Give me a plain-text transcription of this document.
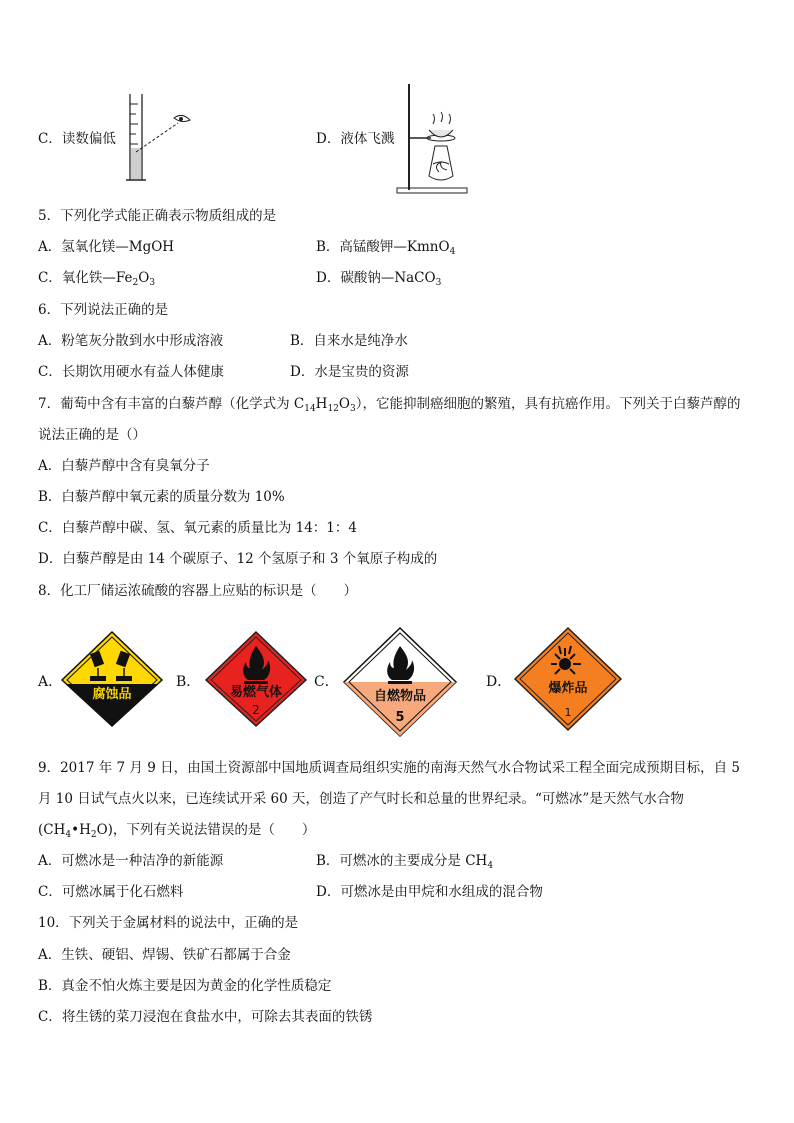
C．读数偏低	D．液体飞溅
5．下列化学式能正确表示物质组成的是
A．氢氧化镁—MgOH	B．高锰酸钾—KmnO$_4$
C．氧化铁$—Fe_2O_3$	D．碳酸钠—NaCO$_3$
6．下列说法正确的是
A．粉笔灰分散到水中形成溶液	B．自来水是纯净水
C．长期饮用硬水有益人体健康	D．水是宝贵的资源
7．葡萄中含有丰富的白藜芦醇（化学式为 $C_{14}H_{12}O_3$），它能抑制癌细胞的繁殖，具有抗癌作用。下列关于白藜芦醇的
说法正确的是（）
A．白藜芦醇中含有臭氧分子
B．白藜芦醇中氧元素的质量分数为 10%
C．白藜芦醇中碳、氢、氧元素的质量比为 14：1：4
D．白藜芦醇是由 14 个碳原子、12 个氢原子和 3 个氧原子构成的
8．化工厂储运浓硫酸的容器上应贴的标识是（　　）
A．
腐蚀品
B．
易燃气体
2
C．
自燃物品
5
D．	爆炸品
1
9．2017 年 7 月 9 日，由国土资源部中国地质调查局组织实施的南海天然气水合物试采工程全面完成预期目标，自 5
月 10 日试气点火以来，已连续试开采 60 天，创造了产气时长和总量的世界纪录。“可燃冰”是天然气水合物
$(CH_4•H_2O)$，下列有关说法错误的是（　　）
A．可燃冰是一种洁净的新能源	B．可燃冰的主要成分是 $CH_4$
C．可燃冰属于化石燃料	D．可燃冰是由甲烷和水组成的混合物
10．下列关于金属材料的说法中，正确的是
A．生铁、硬铝、焊锡、铁矿石都属于合金
B．真金不怕火炼主要是因为黄金的化学性质稳定
C．将生锈的菜刀浸泡在食盐水中，可除去其表面的铁锈
